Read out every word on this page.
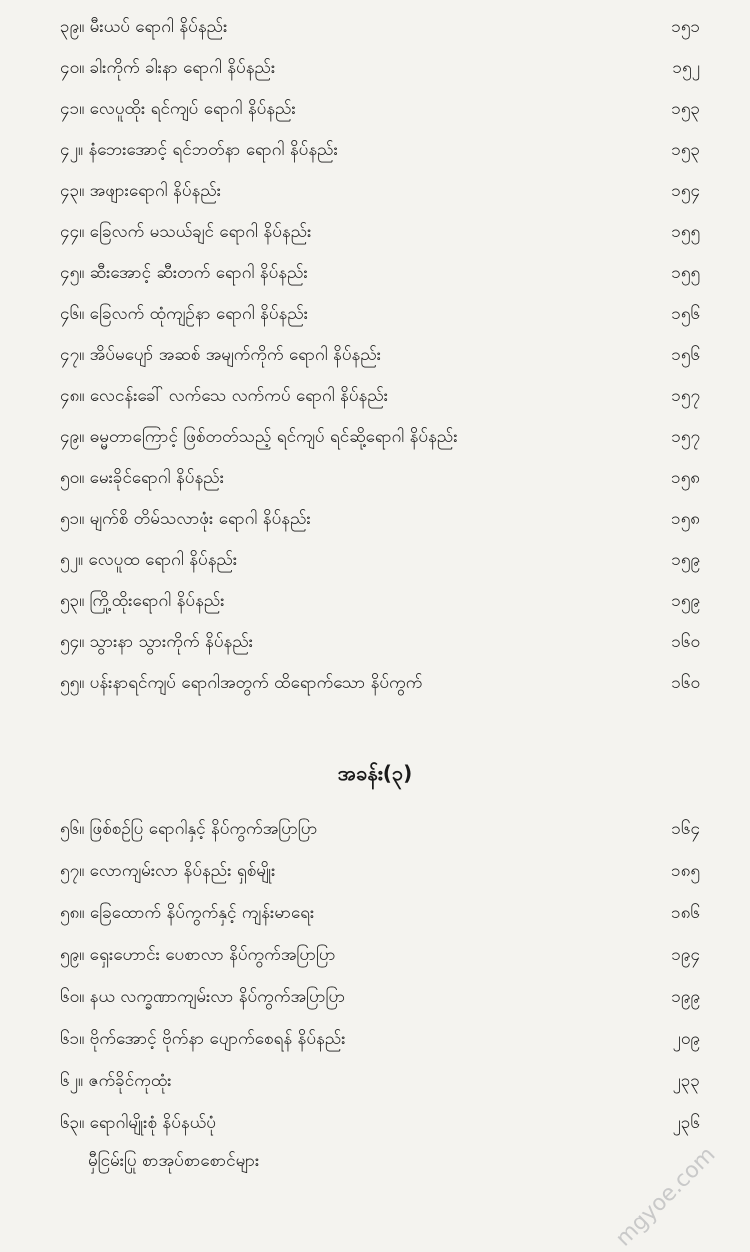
၃၉။ မီးယပ် ရောဂါ နိပ်နည်း	၁၅၁
၄၀။ ခါးကိုက် ခါးနာ ရောဂါ နိပ်နည်း	၁၅၂
၄၁။ လေပူထိုး ရင်ကျပ် ရောဂါ နိပ်နည်း	၁၅၃
၄၂။ နံဘေးအောင့် ရင်ဘတ်နာ ရောဂါ နိပ်နည်း	၁၅၃
၄၃။ အဖျားရောဂါ နိပ်နည်း	၁၅၄
၄၄။ ခြေလက် မသယ်ချင် ရောဂါ နိပ်နည်း	၁၅၅
၄၅။ ဆီးအောင့် ဆီးတက် ရောဂါ နိပ်နည်း	၁၅၅
၄၆။ ခြေလက် ထုံကျဉ်နာ ရောဂါ နိပ်နည်း	၁၅၆
၄၇။ အိပ်မပျော် အဆစ် အမျက်ကိုက် ရောဂါ နိပ်နည်း	၁၅၆
၄၈။ လေငန်းခေါ် လက်သေ လက်ကပ် ရောဂါ နိပ်နည်း	၁၅၇
၄၉။ ဓမ္မတာကြောင့် ဖြစ်တတ်သည့် ရင်ကျပ် ရင်ဆို့ရောဂါ နိပ်နည်း	၁၅၇
၅၀။ မေးခိုင်ရောဂါ နိပ်နည်း	၁၅၈
၅၁။ မျက်စိ တိမ်သလာဖုံး ရောဂါ နိပ်နည်း	၁၅၈
၅၂။ လေပူထ ရောဂါ နိပ်နည်း	၁၅၉
၅၃။ ကြို့ထိုးရောဂါ နိပ်နည်း	၁၅၉
၅၄။ သွားနာ သွားကိုက် နိပ်နည်း	၁၆၀
၅၅။ ပန်းနာရင်ကျပ် ရောဂါအတွက် ထိရောက်သော နိပ်ကွက်	၁၆၀
အခန်း(၃)
၅၆။ ဖြစ်စဉ်ပြ ရောဂါနှင့် နိပ်ကွက်အပြာပြာ	၁၆၄
၅၇။ လောကျမ်းလာ နိပ်နည်း ရှစ်မျိုး	၁၈၅
၅၈။ ခြေထောက် နိပ်ကွက်နှင့် ကျန်းမာရေး	၁၈၆
၅၉။ ရှေးဟောင်း ပေစာလာ နိပ်ကွက်အပြာပြာ	၁၉၄
၆၀။ နယ လက္ခဏာကျမ်းလာ နိပ်ကွက်အပြာပြာ	၁၉၉
၆၁။ ဗိုက်အောင့် ဗိုက်နာ ပျောက်စေရန် နိပ်နည်း	၂၀၉
၆၂။ ဇက်ခိုင်ကုထုံး	၂၃၃
၆၃။ ရောဂါမျိုးစုံ နိပ်နယ်ပုံ	၂၃၆
မှီငြမ်းပြု စာအုပ်စာစောင်များ	mgyoe.com
